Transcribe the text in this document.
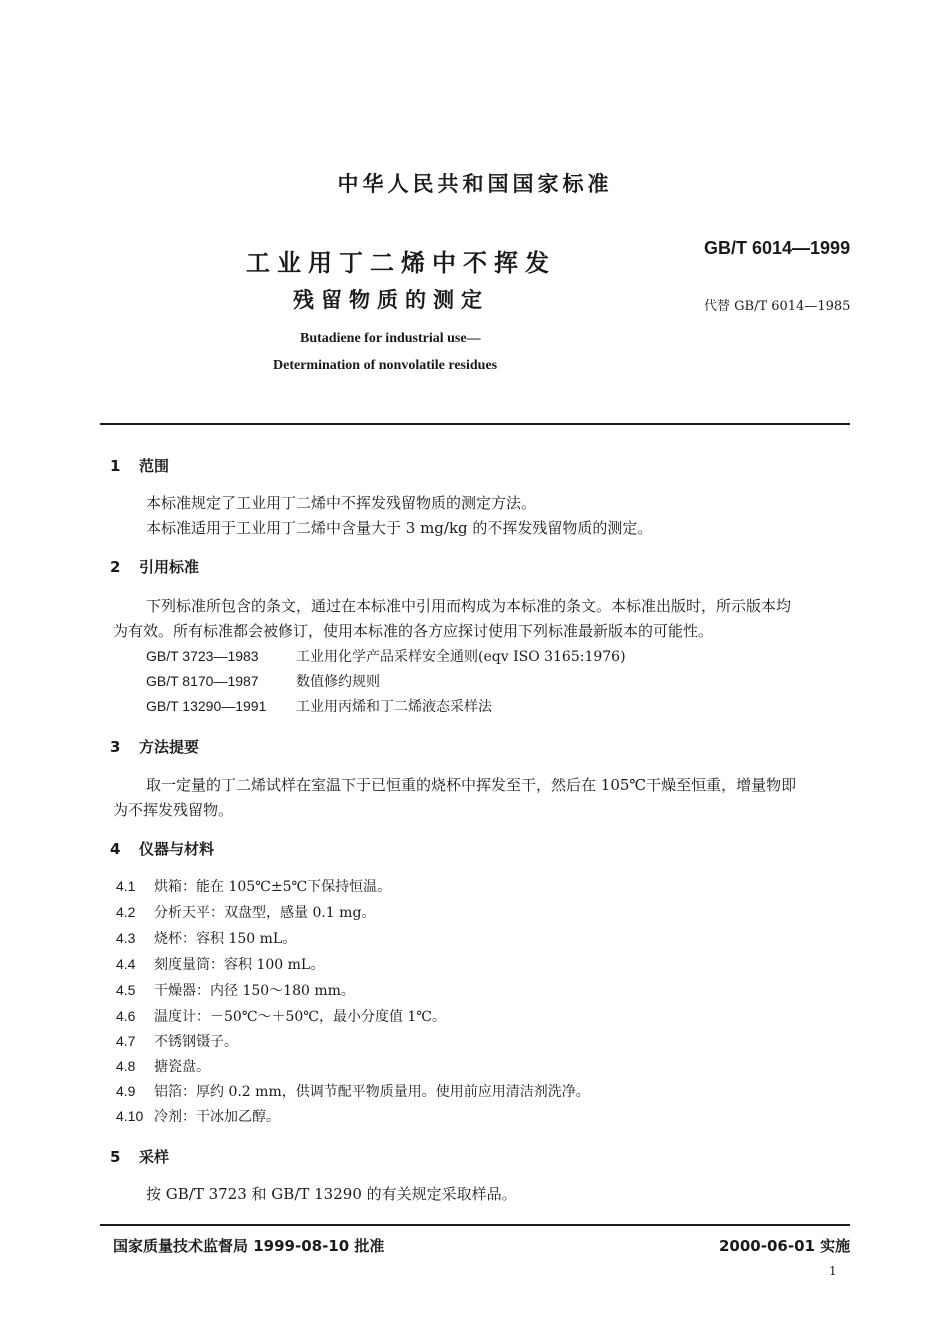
中华人民共和国国家标准
工业用丁二烯中不挥发
残留物质的测定
GB/T 6014—1999
代替 GB/T 6014—1985
Butadiene for industrial use—
Determination of nonvolatile residues
1 范围
本标准规定了工业用丁二烯中不挥发残留物质的测定方法。
本标准适用于工业用丁二烯中含量大于 3 mg/kg 的不挥发残留物质的测定。
2 引用标准
下列标准所包含的条文，通过在本标准中引用而构成为本标准的条文。本标准出版时，所示版本均
为有效。所有标准都会被修订，使用本标准的各方应探讨使用下列标准最新版本的可能性。
GB/T 3723—1983	工业用化学产品采样安全通则(eqv ISO 3165:1976)
GB/T 8170—1987	数值修约规则
GB/T 13290—1991 工业用丙烯和丁二烯液态采样法
3 方法提要
取一定量的丁二烯试样在室温下于已恒重的烧杯中挥发至干，然后在 105℃干燥至恒重，增量物即
为不挥发残留物。
4 仪器与材料
4.1 烘箱：能在 105℃±5℃下保持恒温。
4.2 分析天平：双盘型，感量 0.1 mg。
4.3 烧杯：容积 150 mL。
4.4 刻度量筒：容积 100 mL。
4.5 干燥器：内径 150～180 mm。
4.6 温度计：－50℃～＋50℃，最小分度值 1℃。
4.7 不锈钢镊子。
4.8 搪瓷盘。
4.9 铝箔：厚约 0.2 mm，供调节配平物质量用。使用前应用清洁剂洗净。
4.10 冷剂：干冰加乙醇。
5 采样
按 GB/T 3723 和 GB/T 13290 的有关规定采取样品。
国家质量技术监督局 1999-08-10 批准	2000-06-01 实施
1
